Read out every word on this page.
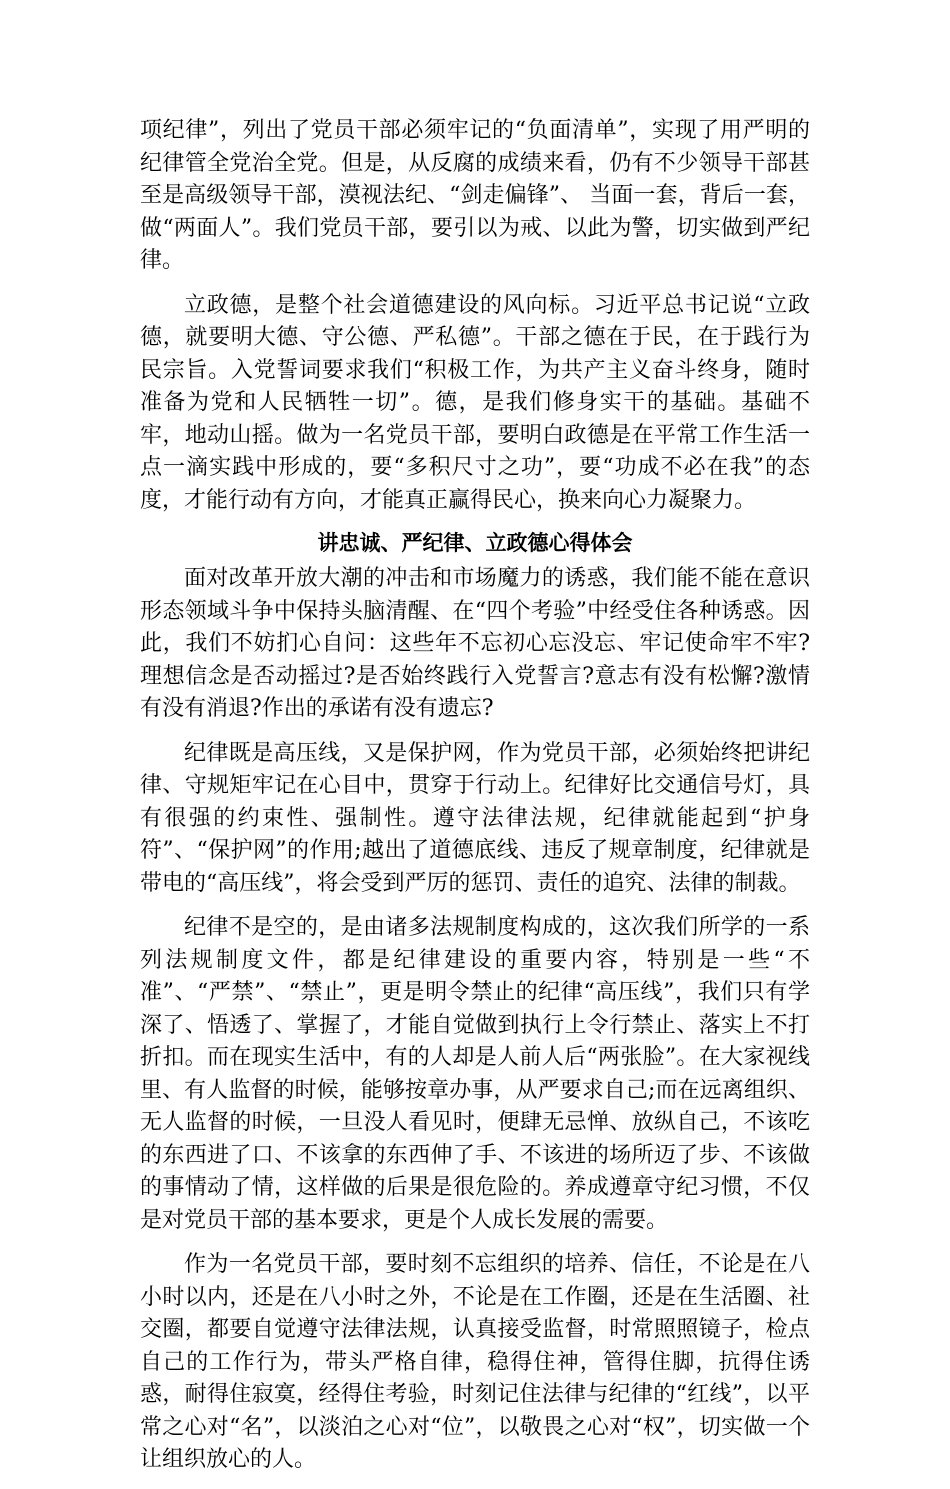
项纪律”，列出了党员干部必须牢记的“负面清单”，实现了用严明的纪律管全党治全党。但是，从反腐的成绩来看，仍有不少领导干部甚至是高级领导干部，漠视法纪、“剑走偏锋”、 当面一套，背后一套，做“两面人”。我们党员干部，要引以为戒、以此为警，切实做到严纪律。

立政德，是整个社会道德建设的风向标。习近平总书记说“立政德，就要明大德、守公德、严私德”。干部之德在于民，在于践行为民宗旨。入党誓词要求我们“积极工作，为共产主义奋斗终身，随时准备为党和人民牺牲一切”。德，是我们修身实干的基础。基础不牢，地动山摇。做为一名党员干部，要明白政德是在平常工作生活一点一滴实践中形成的，要“多积尺寸之功”，要“功成不必在我”的态度，才能行动有方向，才能真正赢得民心，换来向心力凝聚力。

讲忠诚、严纪律、立政德心得体会

面对改革开放大潮的冲击和市场魔力的诱惑，我们能不能在意识形态领域斗争中保持头脑清醒、在“四个考验”中经受住各种诱惑。因此，我们不妨扪心自问：这些年不忘初心忘没忘、牢记使命牢不牢?理想信念是否动摇过?是否始终践行入党誓言?意志有没有松懈?激情有没有消退?作出的承诺有没有遗忘?

纪律既是高压线，又是保护网，作为党员干部，必须始终把讲纪律、守规矩牢记在心目中，贯穿于行动上。纪律好比交通信号灯，具有很强的约束性、强制性。遵守法律法规，纪律就能起到“护身符”、“保护网”的作用;越出了道德底线、违反了规章制度，纪律就是带电的“高压线”，将会受到严厉的惩罚、责任的追究、法律的制裁。

纪律不是空的，是由诸多法规制度构成的，这次我们所学的一系列法规制度文件，都是纪律建设的重要内容，特别是一些“不准”、“严禁”、“禁止”，更是明令禁止的纪律“高压线”，我们只有学深了、悟透了、掌握了，才能自觉做到执行上令行禁止、落实上不打折扣。而在现实生活中，有的人却是人前人后“两张脸”。在大家视线里、有人监督的时候，能够按章办事，从严要求自己;而在远离组织、无人监督的时候，一旦没人看见时，便肆无忌惮、放纵自己，不该吃的东西进了口、不该拿的东西伸了手、不该进的场所迈了步、不该做的事情动了情，这样做的后果是很危险的。养成遵章守纪习惯，不仅是对党员干部的基本要求，更是个人成长发展的需要。

作为一名党员干部，要时刻不忘组织的培养、信任，不论是在八小时以内，还是在八小时之外，不论是在工作圈，还是在生活圈、社交圈，都要自觉遵守法律法规，认真接受监督，时常照照镜子，检点自己的工作行为，带头严格自律，稳得住神，管得住脚，抗得住诱惑，耐得住寂寞，经得住考验，时刻记住法律与纪律的“红线”，以平常之心对“名”，以淡泊之心对“位”，以敬畏之心对“权”，切实做一个让组织放心的人。
